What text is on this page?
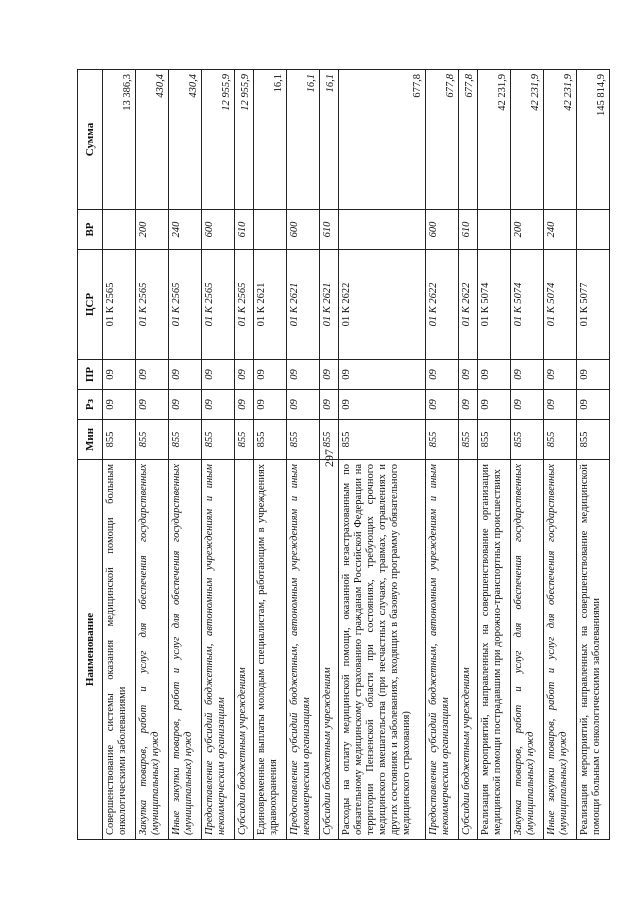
297
Наименование	Мин	Рз	ПР	ЦСР	ВР	Сумма
Совершенствование системы оказания медицинской помощи больным онкологическими заболеваниями	855	09	09	01 К 2565		13 386,3
Закупка товаров, работ и услуг для обеспечения государственных (муниципальных) нужд	855	09	09	01 К 2565	200	430,4
Иные закупки товаров, работ и услуг для обеспечения государственных (муниципальных) нужд	855	09	09	01 К 2565	240	430,4
Предоставление субсидий бюджетным, автономным учреждениям и иным некоммерческим организациям	855	09	09	01 К 2565	600	12 955,9
Субсидии бюджетным учреждениям	855	09	09	01 К 2565	610	12 955,9
Единовременные выплаты молодым специалистам, работающим в учреждениях здравоохранения	855	09	09	01 К 2621		16,1
Предоставление субсидий бюджетным, автономным учреждениям и иным некоммерческим организациям	855	09	09	01 К 2621	600	16,1
Субсидии бюджетным учреждениям	855	09	09	01 К 2621	610	16,1
Расходы на оплату медицинской помощи, оказанной незастрахованным по обязательному медицинскому страхованию гражданам Российской Федерации на территории Пензенской области при состояниях, требующих срочного медицинского вмешательства (при несчастных случаях, травмах, отравлениях и других состояниях и заболеваниях, входящих в базовую программу обязательного медицинского страхования)	855	09	09	01 К 2622		677,8
Предоставление субсидий бюджетным, автономным учреждениям и иным некоммерческим организациям	855	09	09	01 К 2622	600	677,8
Субсидии бюджетным учреждениям	855	09	09	01 К 2622	610	677,8
Реализация мероприятий, направленных на совершенствование организации медицинской помощи пострадавшим при дорожно-транспортных происшествиях	855	09	09	01 К 5074		42 231,9
Закупка товаров, работ и услуг для обеспечения государственных (муниципальных) нужд	855	09	09	01 К 5074	200	42 231,9
Иные закупки товаров, работ и услуг для обеспечения государственных (муниципальных) нужд	855	09	09	01 К 5074	240	42 231,9
Реализация мероприятий, направленных на совершенствование медицинской помощи больным с онкологическими заболеваниями	855	09	09	01 К 5077		145 814,9
